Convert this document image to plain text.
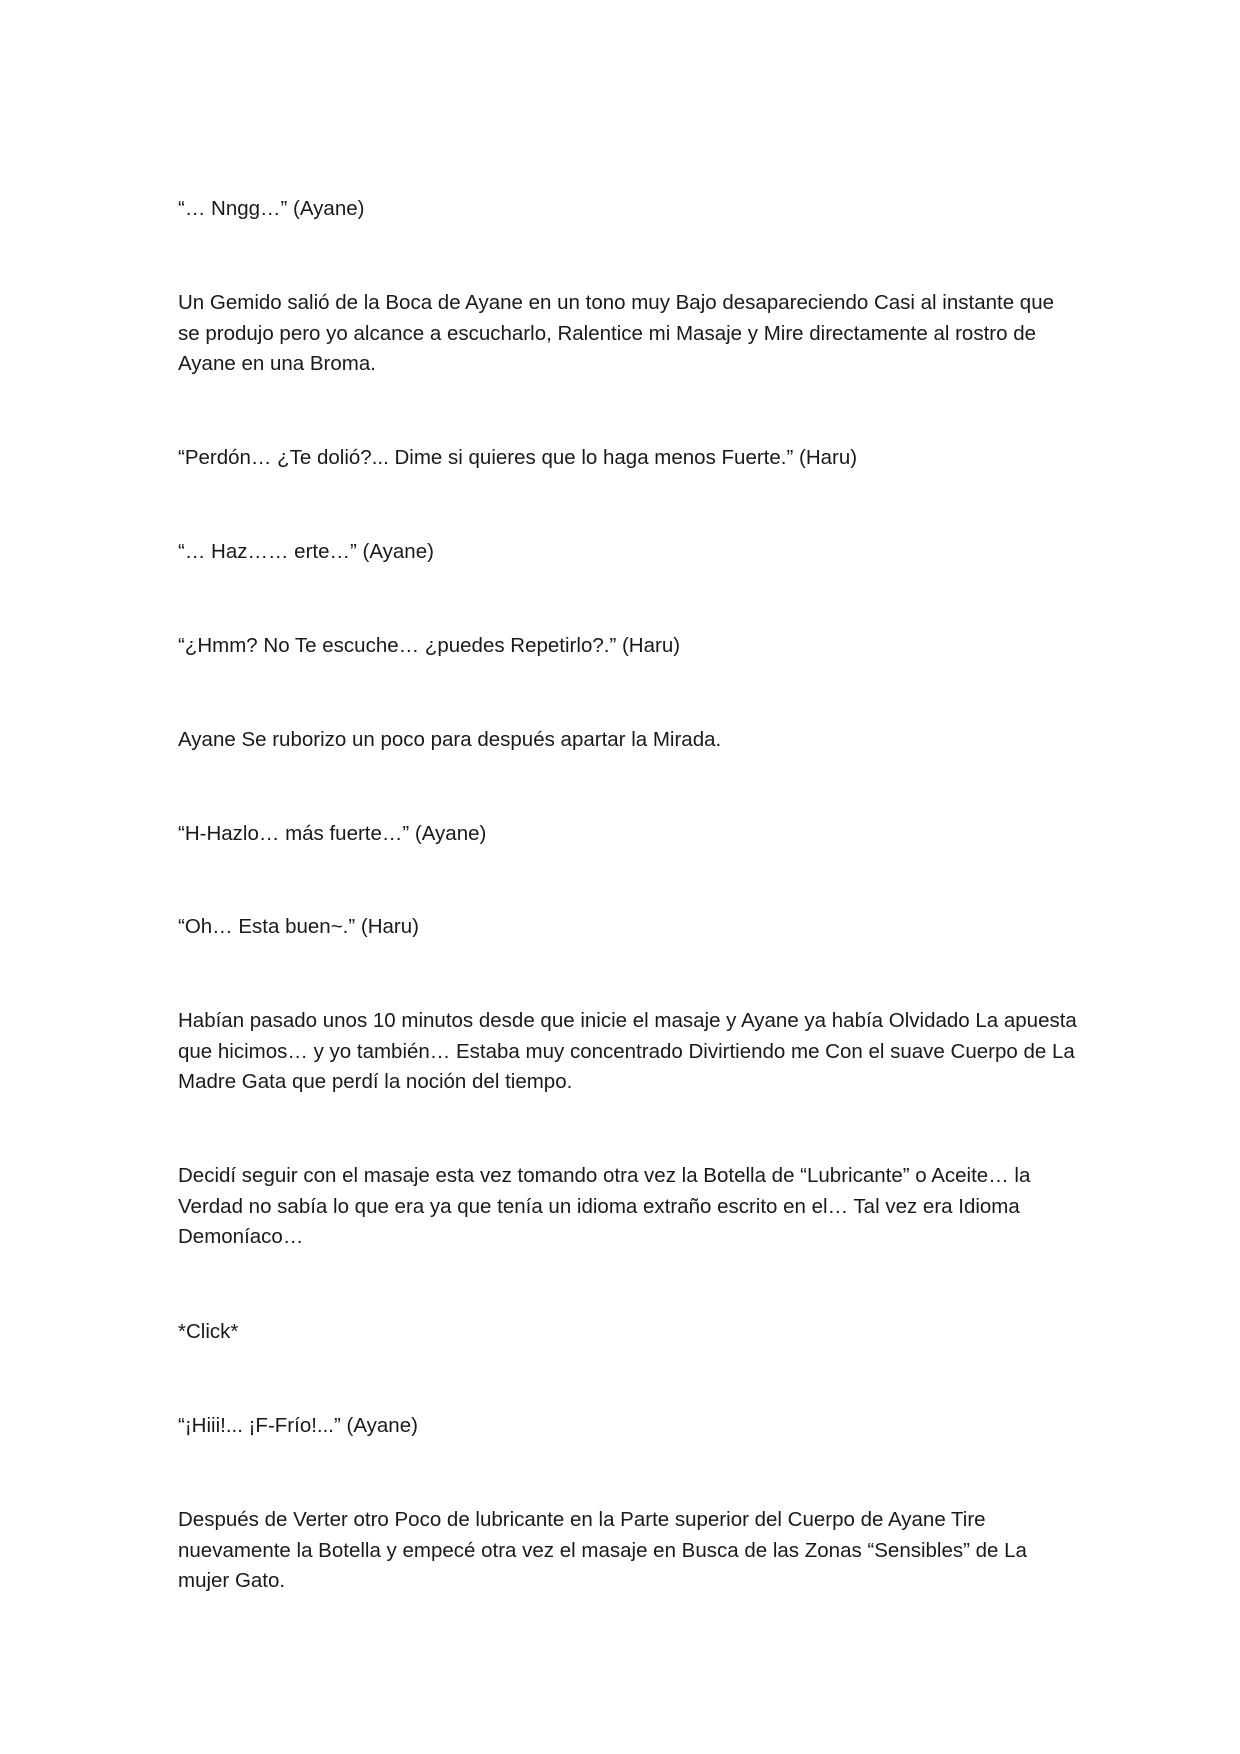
“… Nngg…” (Ayane)

Un Gemido salió de la Boca de Ayane en un tono muy Bajo desapareciendo Casi al instante que se produjo pero yo alcance a escucharlo, Ralentice mi Masaje y Mire directamente al rostro de Ayane en una Broma.

“Perdón… ¿Te dolió?... Dime si quieres que lo haga menos Fuerte.” (Haru)

“… Haz…… erte…” (Ayane)

“¿Hmm? No Te escuche… ¿puedes Repetirlo?.” (Haru)

Ayane Se ruborizo un poco para después apartar la Mirada.

“H-Hazlo… más fuerte…” (Ayane)

“Oh… Esta buen~.” (Haru)

Habían pasado unos 10 minutos desde que inicie el masaje y Ayane ya había Olvidado La apuesta que hicimos… y yo también… Estaba muy concentrado Divirtiendo me Con el suave Cuerpo de La Madre Gata que perdí la noción del tiempo.

Decidí seguir con el masaje esta vez tomando otra vez la Botella de “Lubricante” o Aceite… la Verdad no sabía lo que era ya que tenía un idioma extraño escrito en el… Tal vez era Idioma Demoníaco…

*Click*

“¡Hiii!... ¡F-Frío!...” (Ayane)

Después de Verter otro Poco de lubricante en la Parte superior del Cuerpo de Ayane Tire nuevamente la Botella y empecé otra vez el masaje en Busca de las Zonas “Sensibles” de La mujer Gato.
